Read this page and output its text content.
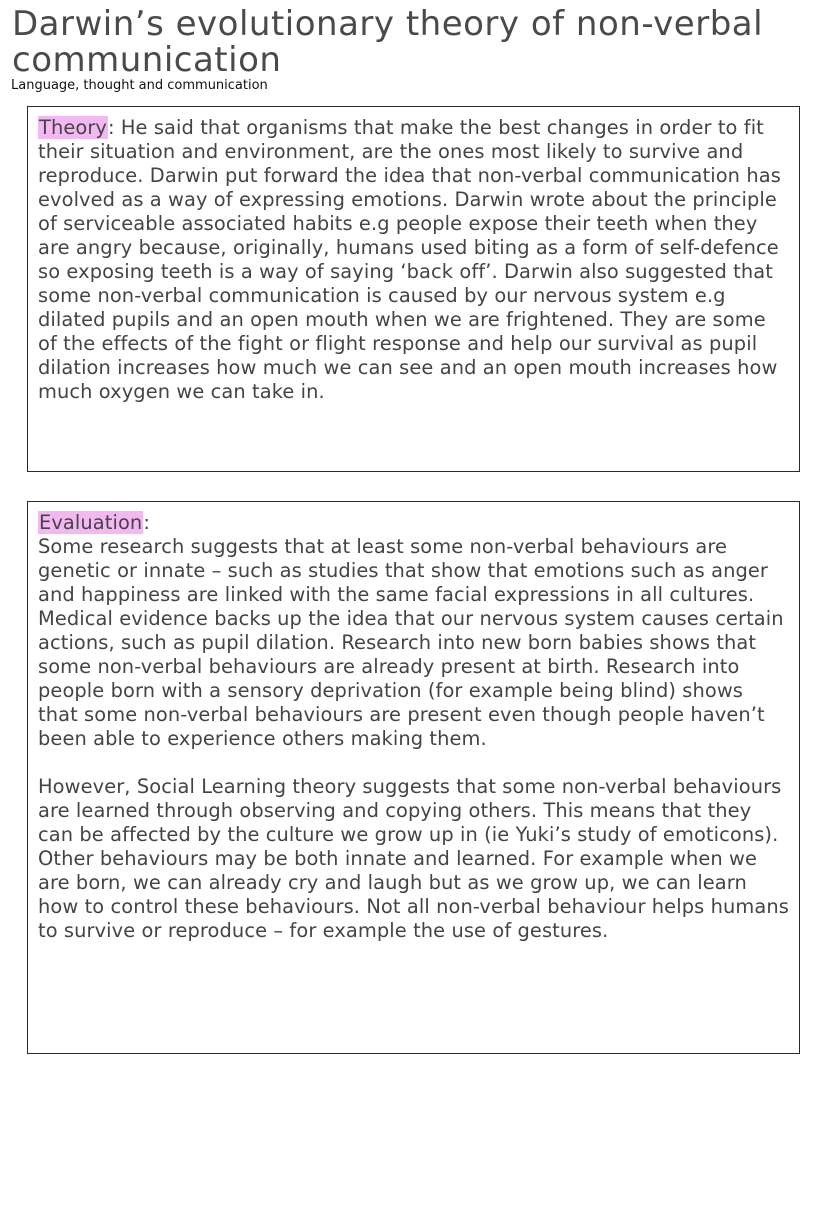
Darwin’s evolutionary theory of non-verbal communication
Language, thought and communication

Theory: He said that organisms that make the best changes in order to fit their situation and environment, are the ones most likely to survive and reproduce. Darwin put forward the idea that non-verbal communication has evolved as a way of expressing emotions. Darwin wrote about the principle of serviceable associated habits e.g people expose their teeth when they are angry because, originally, humans used biting as a form of self-defence so exposing teeth is a way of saying ‘back off’. Darwin also suggested that some non-verbal communication is caused by our nervous system e.g dilated pupils and an open mouth when we are frightened. They are some of the effects of the fight or flight response and help our survival as pupil dilation increases how much we can see and an open mouth increases how much oxygen we can take in.

Evaluation:

Some research suggests that at least some non-verbal behaviours are genetic or innate – such as studies that show that emotions such as anger and happiness are linked with the same facial expressions in all cultures. Medical evidence backs up the idea that our nervous system causes certain actions, such as pupil dilation. Research into new born babies shows that some non-verbal behaviours are already present at birth. Research into people born with a sensory deprivation (for example being blind) shows that some non-verbal behaviours are present even though people haven’t been able to experience others making them.

However, Social Learning theory suggests that some non-verbal behaviours are learned through observing and copying others. This means that they can be affected by the culture we grow up in (ie Yuki’s study of emoticons). Other behaviours may be both innate and learned. For example when we are born, we can already cry and laugh but as we grow up, we can learn how to control these behaviours. Not all non-verbal behaviour helps humans to survive or reproduce – for example the use of gestures.
